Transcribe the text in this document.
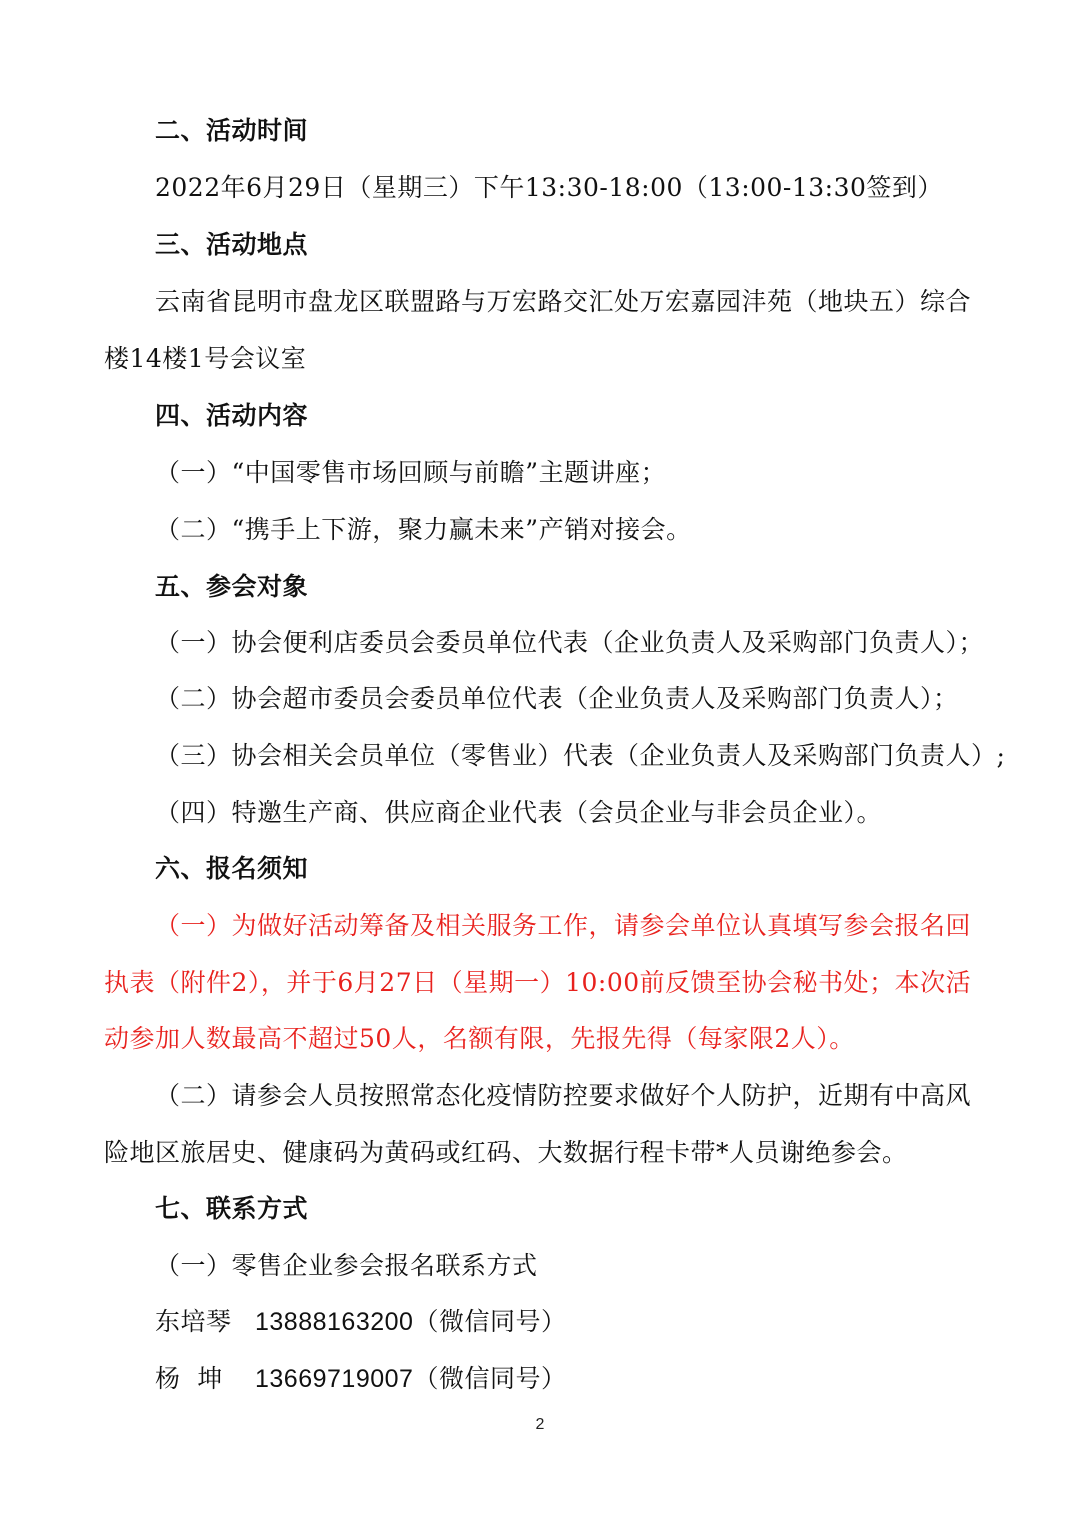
二、活动时间
2022年6月29日（星期三）下午13:30-18:00（13:00-13:30签到）
三、活动地点
云南省昆明市盘龙区联盟路与万宏路交汇处万宏嘉园沣苑（地块五）综合
楼14楼1号会议室
四、活动内容
（一）“中国零售市场回顾与前瞻”主题讲座；
（二）“携手上下游，聚力赢未来”产销对接会。
五、参会对象
（一）协会便利店委员会委员单位代表（企业负责人及采购部门负责人）；
（二）协会超市委员会委员单位代表（企业负责人及采购部门负责人）；
（三）协会相关会员单位（零售业）代表（企业负责人及采购部门负责人）;
（四）特邀生产商、供应商企业代表（会员企业与非会员企业）。
六、报名须知
（一）为做好活动筹备及相关服务工作，请参会单位认真填写参会报名回
执表（附件2），并于6月27日（星期一）10:00前反馈至协会秘书处；本次活
动参加人数最高不超过50人，名额有限，先报先得（每家限2人）。
（二）请参会人员按照常态化疫情防控要求做好个人防护，近期有中高风
险地区旅居史、健康码为黄码或红码、大数据行程卡带*人员谢绝参会。
七、联系方式
（一）零售企业参会报名联系方式
东培琴 13888163200（微信同号）
杨  坤 13669719007（微信同号）
2
